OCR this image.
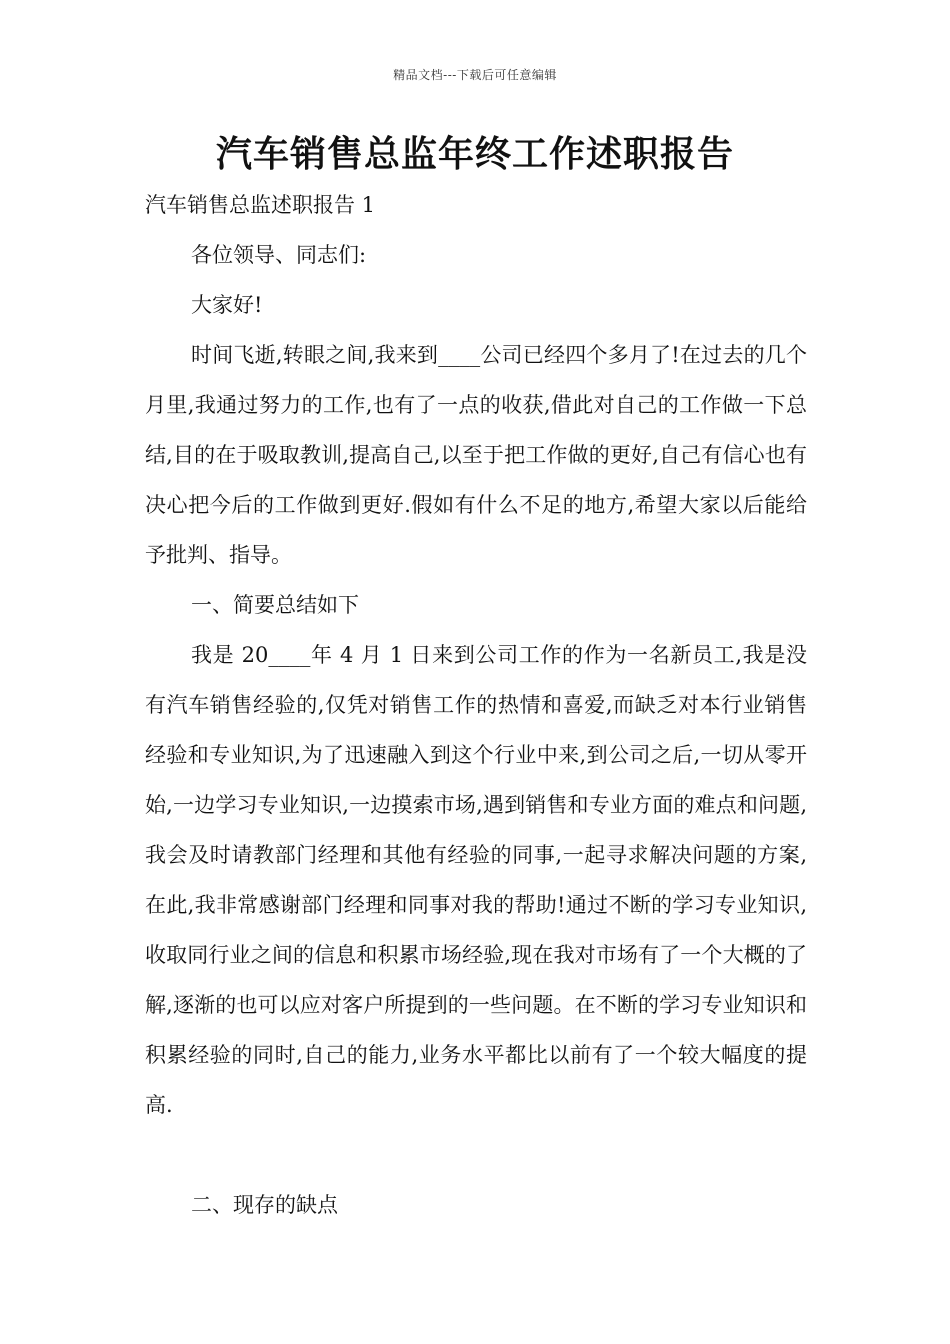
精品文档---下载后可任意编辑
汽车销售总监年终工作述职报告

汽车销售总监述职报告 1

各位领导、同志们:

大家好!

时间飞逝,转眼之间,我来到____公司已经四个多月了!在过去的几个月里,我通过努力的工作,也有了一点的收获,借此对自己的工作做一下总结,目的在于吸取教训,提高自己,以至于把工作做的更好,自己有信心也有决心把今后的工作做到更好.假如有什么不足的地方,希望大家以后能给予批判、指导。

一、简要总结如下

我是 20____年 4 月 1 日来到公司工作的作为一名新员工,我是没有汽车销售经验的,仅凭对销售工作的热情和喜爱,而缺乏对本行业销售经验和专业知识,为了迅速融入到这个行业中来,到公司之后,一切从零开始,一边学习专业知识,一边摸索市场,遇到销售和专业方面的难点和问题,我会及时请教部门经理和其他有经验的同事,一起寻求解决问题的方案,在此,我非常感谢部门经理和同事对我的帮助!通过不断的学习专业知识,收取同行业之间的信息和积累市场经验,现在我对市场有了一个大概的了解,逐渐的也可以应对客户所提到的一些问题。在不断的学习专业知识和积累经验的同时,自己的能力,业务水平都比以前有了一个较大幅度的提高.

二、现存的缺点
